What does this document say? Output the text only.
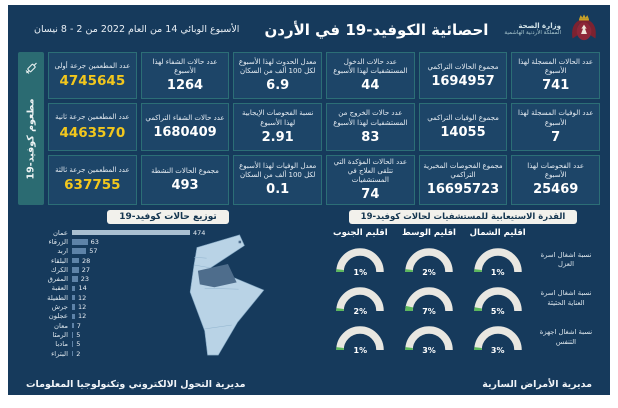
وزارة الصحة
المملكة الأردنية الهاشمية
احصائية الكوفيد-19 في الأردن
الأسبوع الوبائي 14 من العام 2022 من 2 - 8 نيسان
عدد الحالات المسجلة لهذا الأسبوع
741
مجموع الحالات التراكمي
1694957
عدد حالات الدخول المستشفيات لهذا الأسبوع
44
معدل الحدوث لهذا الأسبوع لكل 100 ألف من السكان
6.9
عدد حالات الشفاء لهذا الأسبوع
1264
عدد المطعمين جرعة أولى
4745645
عدد الوفيات المسجلة لهذا الأسبوع
7
مجموع الوفيات التراكمي
14055
عدد حالات الخروج من المستشفيات لهذا الأسبوع
83
نسبة الفحوصات الإيجابية لهذا الأسبوع
2.91
عدد حالات الشفاء التراكمي
1680409
عدد المطعمين جرعة ثانية
4463570
عدد الفحوصات لهذا الأسبوع
25469
مجموع الفحوصات المخبرية التراكمي
16695723
عدد الحالات المؤكدة التي تتلقى العلاج في المستشفيات
74
معدل الوفيات لهذا الأسبوع لكل 100 ألف من السكان
0.1
مجموع الحالات النشطة
493
عدد المطعمين جرعة ثالثة
637755
مطعوم كوفيد-19
القدرة الاستيعابية للمستشفيات لحالات كوفيد-19
اقليم الشمال
اقليم الوسط
اقليم الجنوب
نسبة اشغال اسرة العزل
1%
2%
1%
نسبة اشغال اسرة العناية الحثيثة
5%
7%
2%
نسبة اشغال اجهزة التنفس
3%
3%
1%
توزيع حالات كوفيد-19
عمان	474
الزرقاء	63
اربد	57
البلقاء	28
الكرك	27
المفرق	23
العقبة	14
الطفيلة	12
جرش	12
عجلون	12
معان	7
الرمثا	5
مادبا	5
البتراء	2
مديرية الأمراض السارية
مديرية التحول الالكتروني وتكنولوجيا المعلومات
